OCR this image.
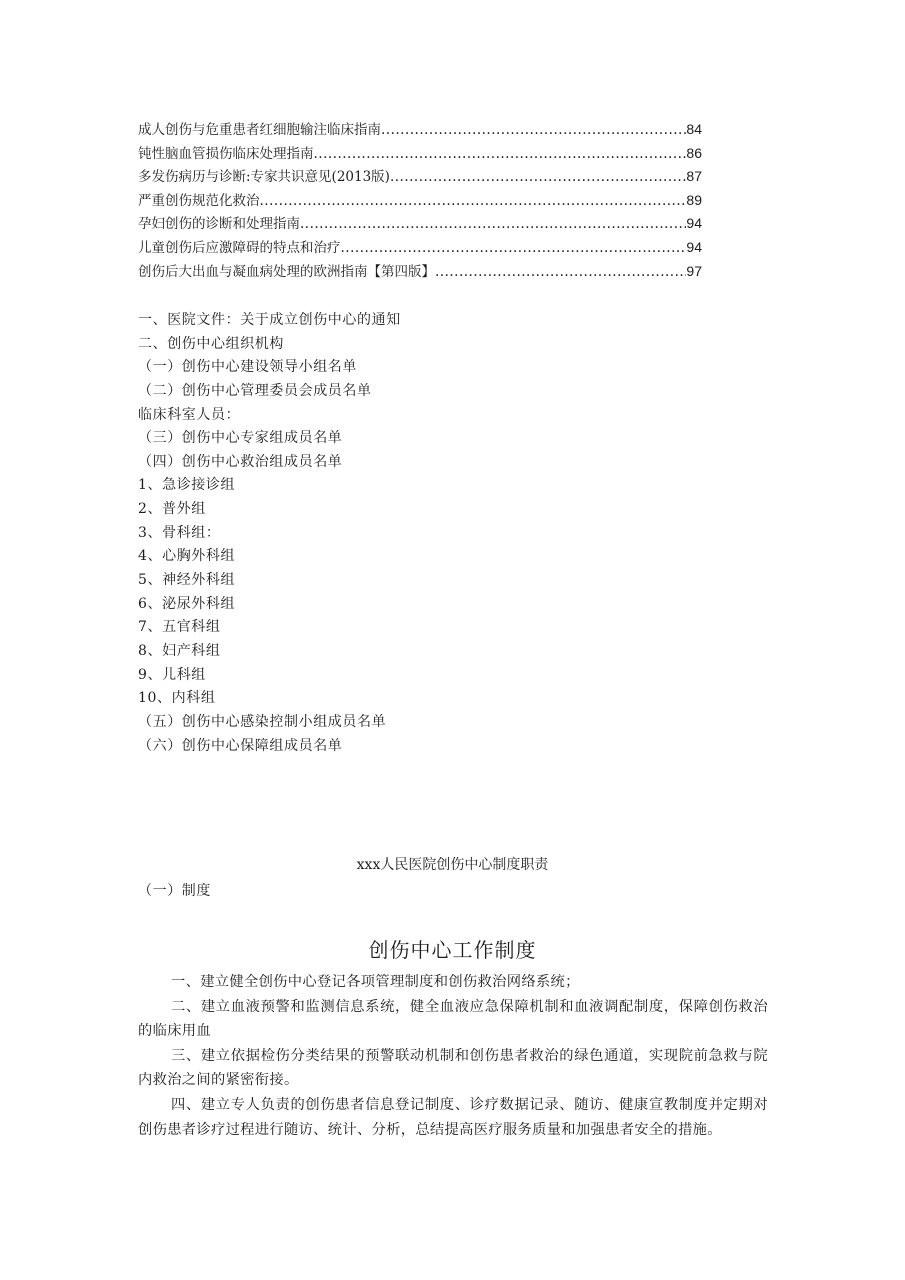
成人创伤与危重患者红细胞输注临床指南 .....	84
钝性脑血管损伤临床处理指南 .....	86
多发伤病历与诊断:专家共识意见(2013版) .....	87
严重创伤规范化救治 .....	89
孕妇创伤的诊断和处理指南 .....	94
儿童创伤后应激障碍的特点和治疗 .....	94
创伤后大出血与凝血病处理的欧洲指南【第四版】 .....	97
一、医院文件：关于成立创伤中心的通知
二、创伤中心组织机构
（一）创伤中心建设领导小组名单
（二）创伤中心管理委员会成员名单
临床科室人员：
（三）创伤中心专家组成员名单
（四）创伤中心救治组成员名单
1、急诊接诊组
2、普外组
3、骨科组：
4、心胸外科组
5、神经外科组
6、泌尿外科组
7、五官科组
8、妇产科组
9、儿科组
10、内科组
（五）创伤中心感染控制小组成员名单
（六）创伤中心保障组成员名单
xxx人民医院创伤中心制度职责
（一）制度
创伤中心工作制度

一、建立健全创伤中心登记各项管理制度和创伤救治网络系统；

二、建立血液预警和监测信息系统，健全血液应急保障机制和血液调配制度，保障创伤救治的临床用血

三、建立依据检伤分类结果的预警联动机制和创伤患者救治的绿色通道，实现院前急救与院内救治之间的紧密衔接。

四、建立专人负责的创伤患者信息登记制度、诊疗数据记录、随访、健康宣教制度并定期对创伤患者诊疗过程进行随访、统计、分析，总结提高医疗服务质量和加强患者安全的措施。
